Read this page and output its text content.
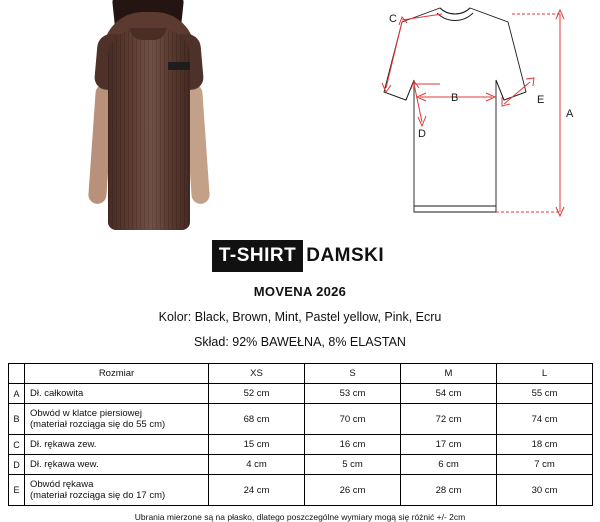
A
B
C
D
E
T-SHIRT DAMSKI
MOVENA 2026
Kolor: Black, Brown, Mint, Pastel yellow, Pink, Ecru
Skład: 92% BAWEŁNA, 8% ELASTAN
	Rozmiar	XS	S	M	L
A	Dł. całkowita	52 cm	53 cm	54 cm	55 cm
B	Obwód w klatce piersiowej
(materiał rozciąga się do 55 cm)	68 cm	70 cm	72 cm	74 cm
C	Dł. rękawa zew.	15 cm	16 cm	17 cm	18 cm
D	Dł. rękawa wew.	4 cm	5 cm	6 cm	7 cm
E	Obwód rękawa
(materiał rozciąga się do 17 cm)	24 cm	26 cm	28 cm	30 cm
Ubrania mierzone są na płasko, dlatego poszczególne wymiary mogą się różnić +/- 2cm
